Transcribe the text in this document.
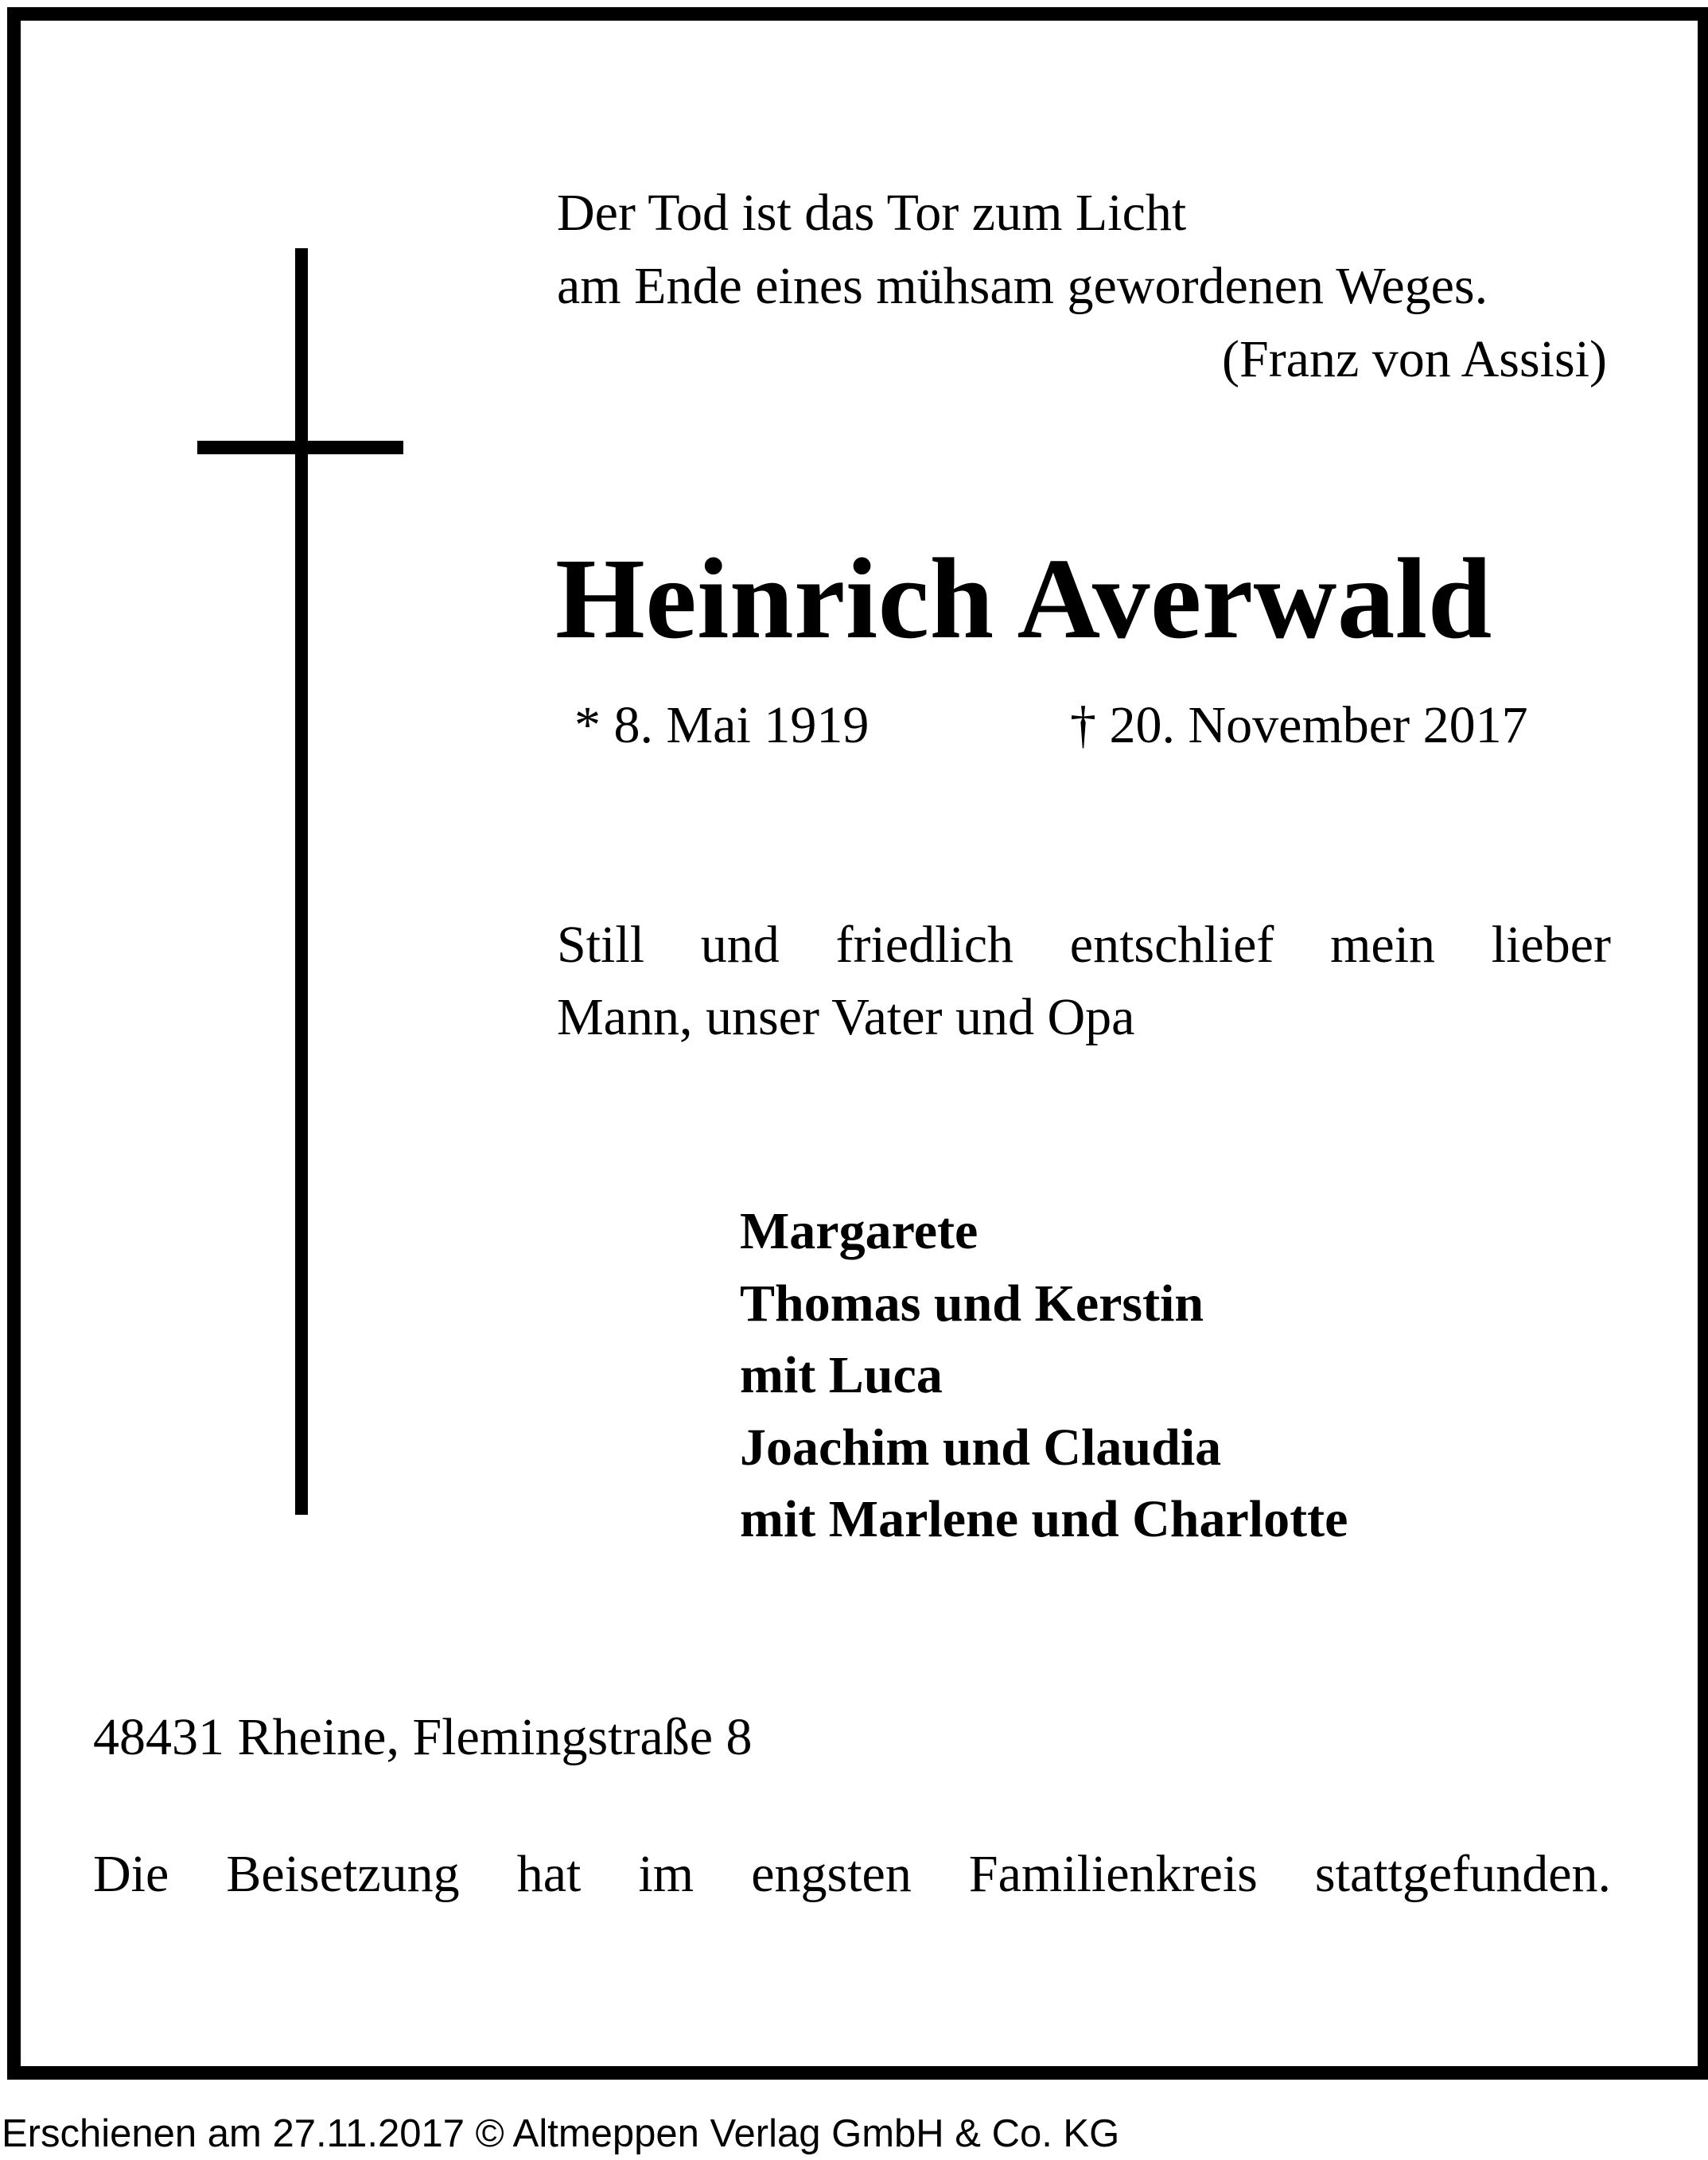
Der Tod ist das Tor zum Licht
am Ende eines mühsam gewordenen Weges.
(Franz von Assisi)
Heinrich Averwald
* 8. Mai 1919	† 20. November 2017
Still und friedlich entschlief mein lieber
Mann, unser Vater und Opa
Margarete
Thomas und Kerstin
mit Luca
Joachim und Claudia
mit Marlene und Charlotte
48431 Rheine, Flemingstraße 8
Die Beisetzung hat im engsten Familienkreis stattgefunden.
Erschienen am 27.11.2017 © Altmeppen Verlag GmbH & Co. KG
